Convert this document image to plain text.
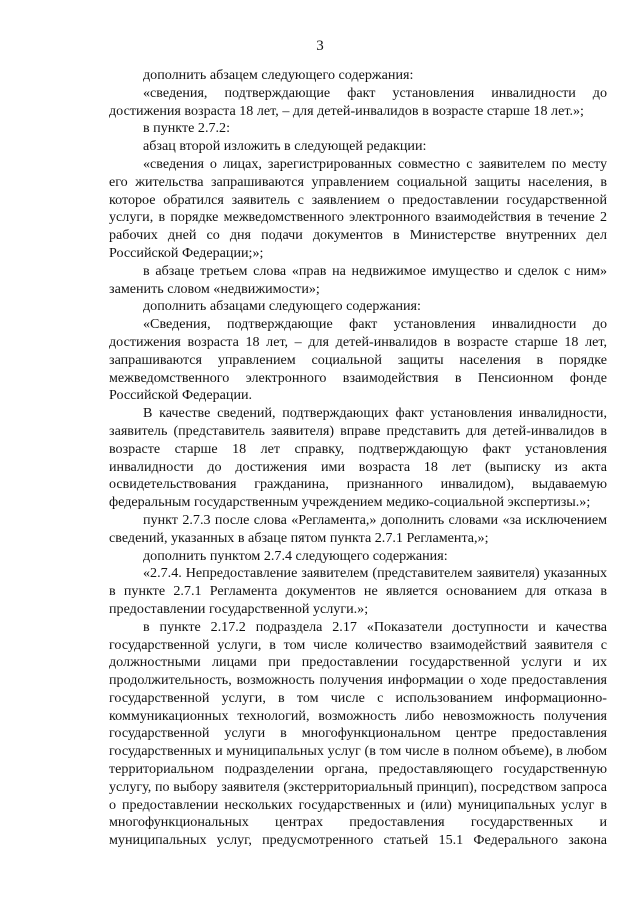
3

дополнить абзацем следующего содержания:

«сведения, подтверждающие факт установления инвалидности до достижения возраста 18 лет, – для детей-инвалидов в возрасте старше 18 лет.»;

в пункте 2.7.2:

абзац второй изложить в следующей редакции:

«сведения о лицах, зарегистрированных совместно с заявителем по месту его жительства запрашиваются управлением социальной защиты населения, в которое обратился заявитель с заявлением о предоставлении государственной услуги, в порядке межведомственного электронного взаимодействия в течение 2 рабочих дней со дня подачи документов в Министерстве внутренних дел Российской Федерации;»;

в абзаце третьем слова «прав на недвижимое имущество и сделок с ним» заменить словом «недвижимости»;

дополнить абзацами следующего содержания:

«Сведения, подтверждающие факт установления инвалидности до достижения возраста 18 лет, – для детей-инвалидов в возрасте старше 18 лет, запрашиваются управлением социальной защиты населения в порядке межведомственного электронного взаимодействия в Пенсионном фонде Российской Федерации.

В качестве сведений, подтверждающих факт установления инвалидности, заявитель (представитель заявителя) вправе представить для детей-инвалидов в возрасте старше 18 лет справку, подтверждающую факт установления инвалидности до достижения ими возраста 18 лет (выписку из акта освидетельствования гражданина, признанного инвалидом), выдаваемую федеральным государственным учреждением медико-социальной экспертизы.»;

пункт 2.7.3 после слова «Регламента,» дополнить словами «за исключением сведений, указанных в абзаце пятом пункта 2.7.1 Регламента,»;

дополнить пунктом 2.7.4 следующего содержания:

«2.7.4. Непредоставление заявителем (представителем заявителя) указанных в пункте 2.7.1 Регламента документов не является основанием для отказа в предоставлении государственной услуги.»;

в пункте 2.17.2 подраздела 2.17 «Показатели доступности и качества государственной услуги, в том числе количество взаимодействий заявителя с должностными лицами при предоставлении государственной услуги и их продолжительность, возможность получения информации о ходе предоставления государственной услуги, в том числе с использованием информационно-коммуникационных технологий, возможность либо невозможность получения государственной услуги в многофункциональном центре предоставления государственных и муниципальных услуг (в том числе в полном объеме), в любом территориальном подразделении органа, предоставляющего государственную услугу, по выбору заявителя (экстерриториальный принцип), посредством запроса о предоставлении нескольких государственных и (или) муниципальных услуг в многофункциональных центрах предоставления государственных и муниципальных услуг, предусмотренного статьей 15.1 Федерального закона
